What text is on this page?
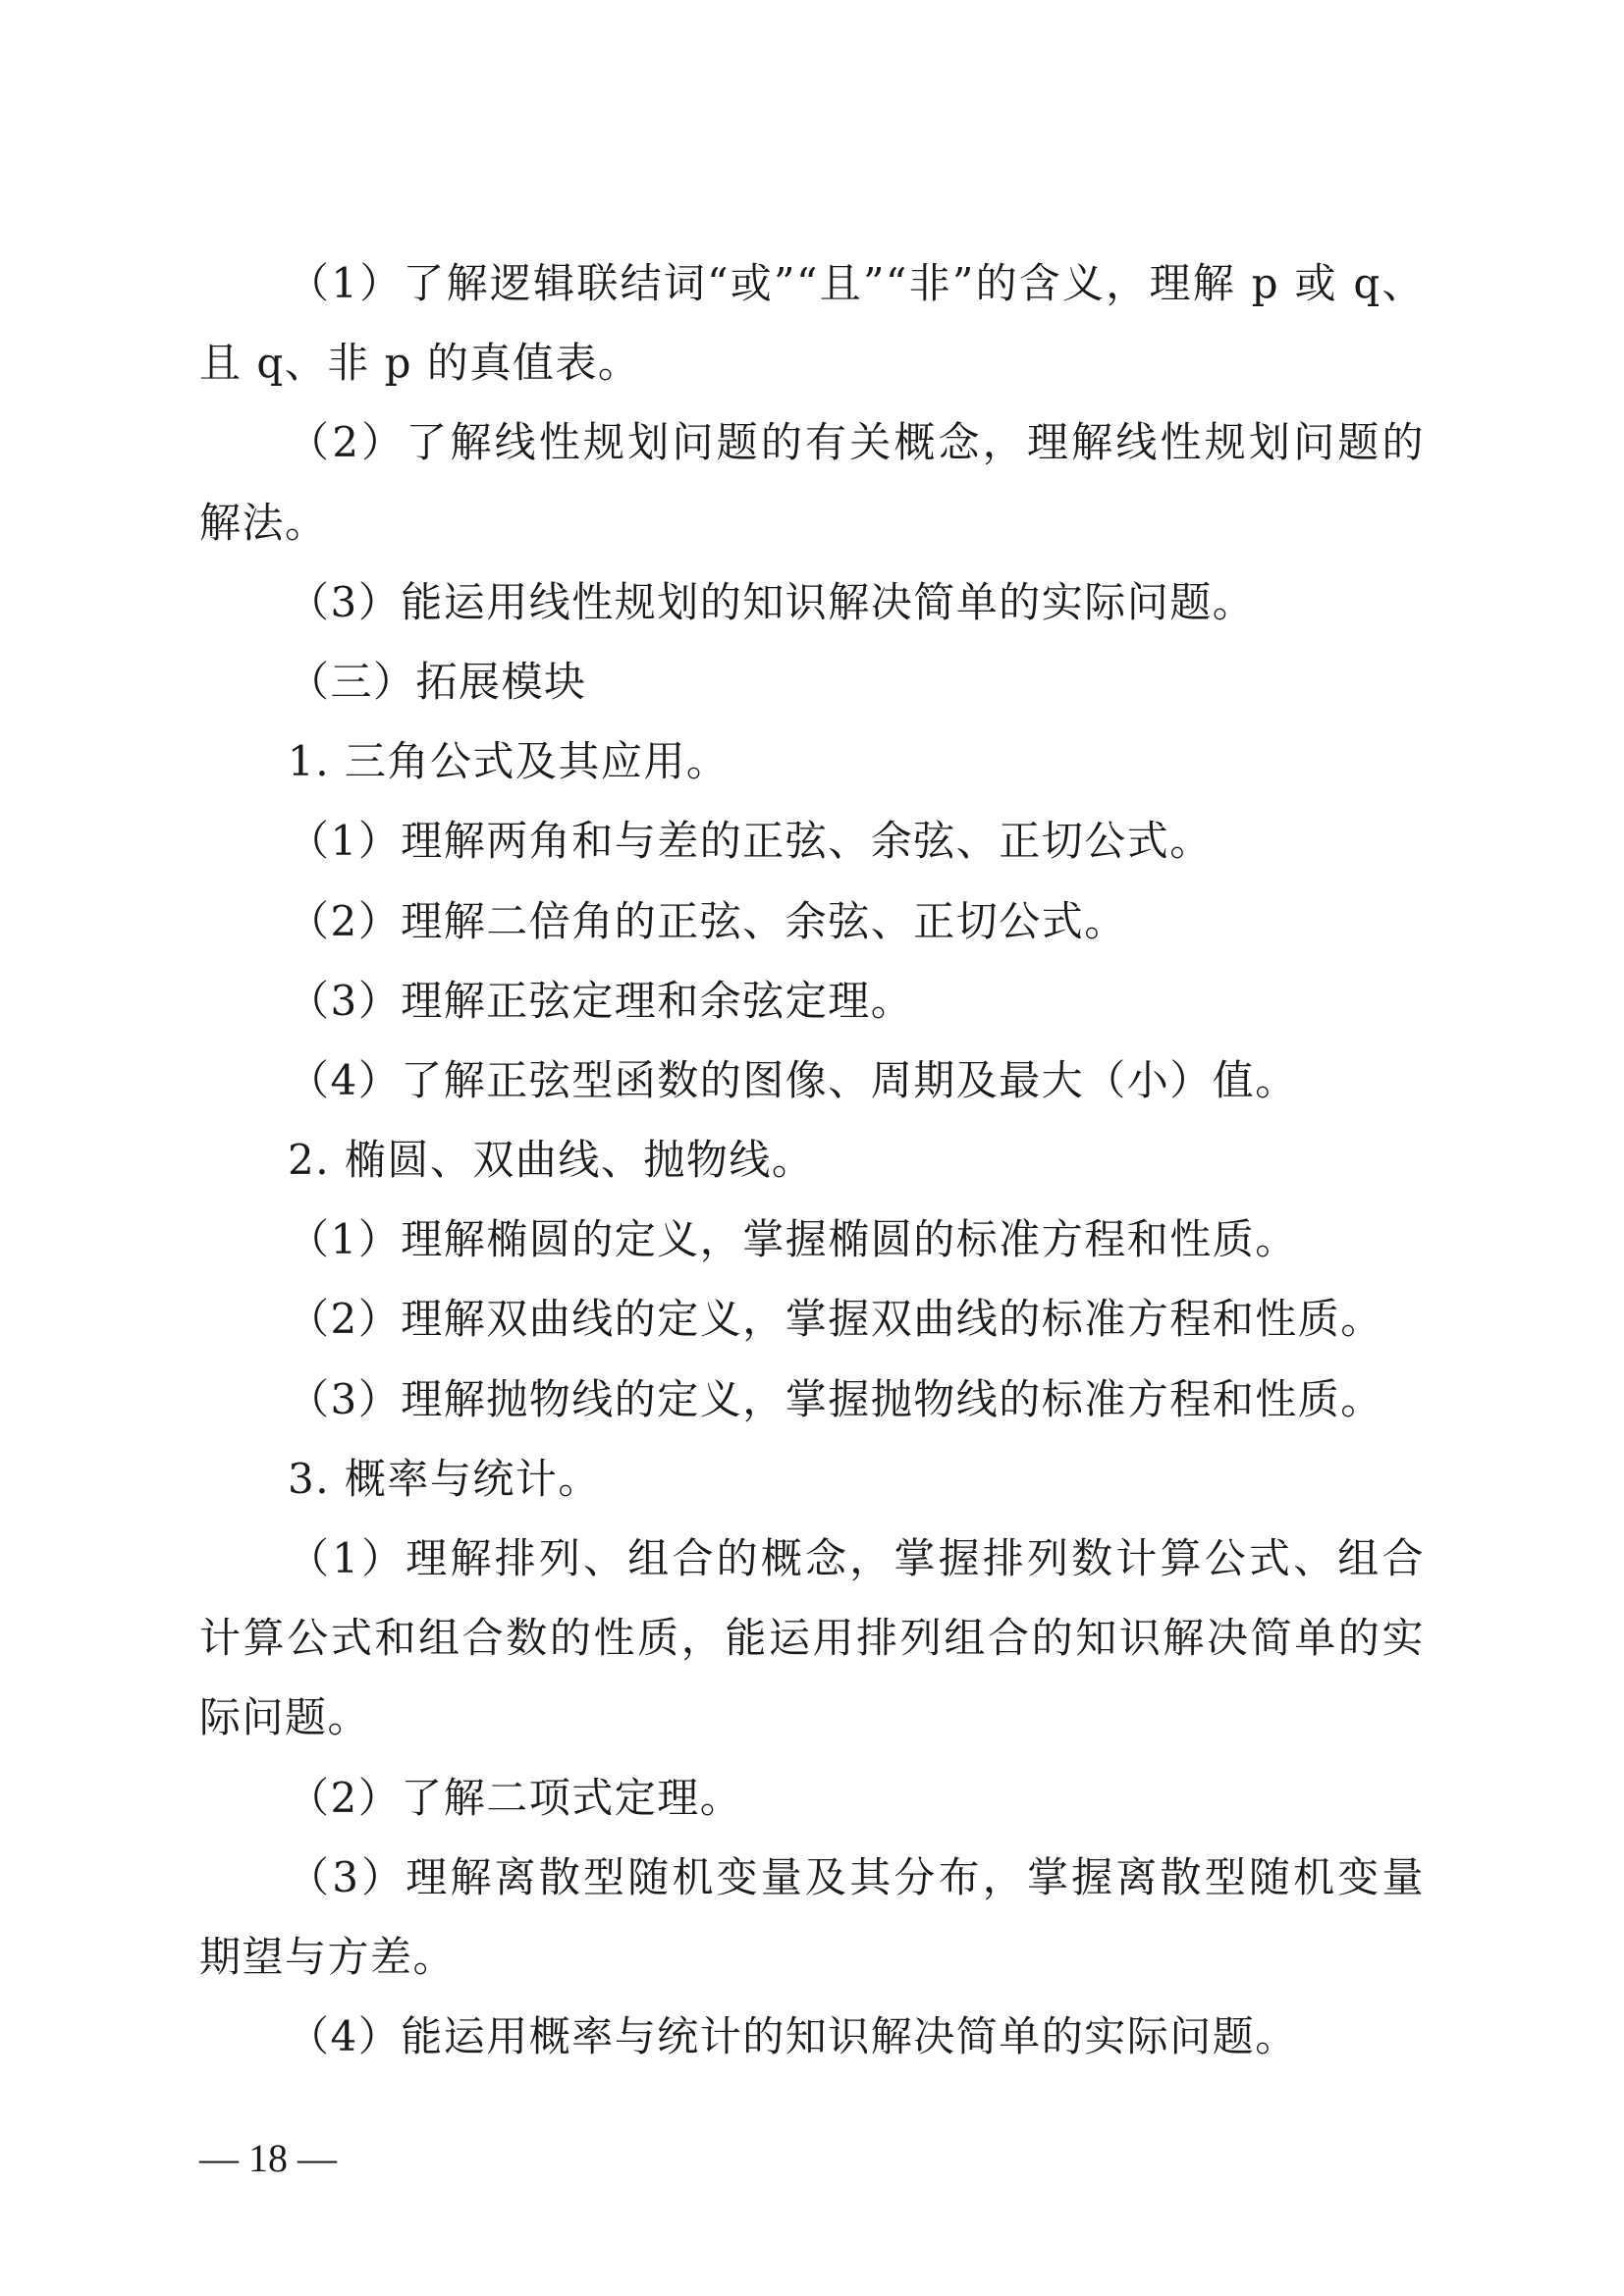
（1）了解逻辑联结词“或”“且”“非”的含义，理解 p 或 q、
且 q、非 p 的真值表。
（2）了解线性规划问题的有关概念，理解线性规划问题的
解法。
（3）能运用线性规划的知识解决简单的实际问题。
（三）拓展模块
1. 三角公式及其应用。
（1）理解两角和与差的正弦、余弦、正切公式。
（2）理解二倍角的正弦、余弦、正切公式。
（3）理解正弦定理和余弦定理。
（4）了解正弦型函数的图像、周期及最大（小）值。
2. 椭圆、双曲线、抛物线。
（1）理解椭圆的定义，掌握椭圆的标准方程和性质。
（2）理解双曲线的定义，掌握双曲线的标准方程和性质。
（3）理解抛物线的定义，掌握抛物线的标准方程和性质。
3. 概率与统计。
（1）理解排列、组合的概念，掌握排列数计算公式、组合
计算公式和组合数的性质，能运用排列组合的知识解决简单的实
际问题。
（2）了解二项式定理。
（3）理解离散型随机变量及其分布，掌握离散型随机变量
期望与方差。
（4）能运用概率与统计的知识解决简单的实际问题。
— 18 —
